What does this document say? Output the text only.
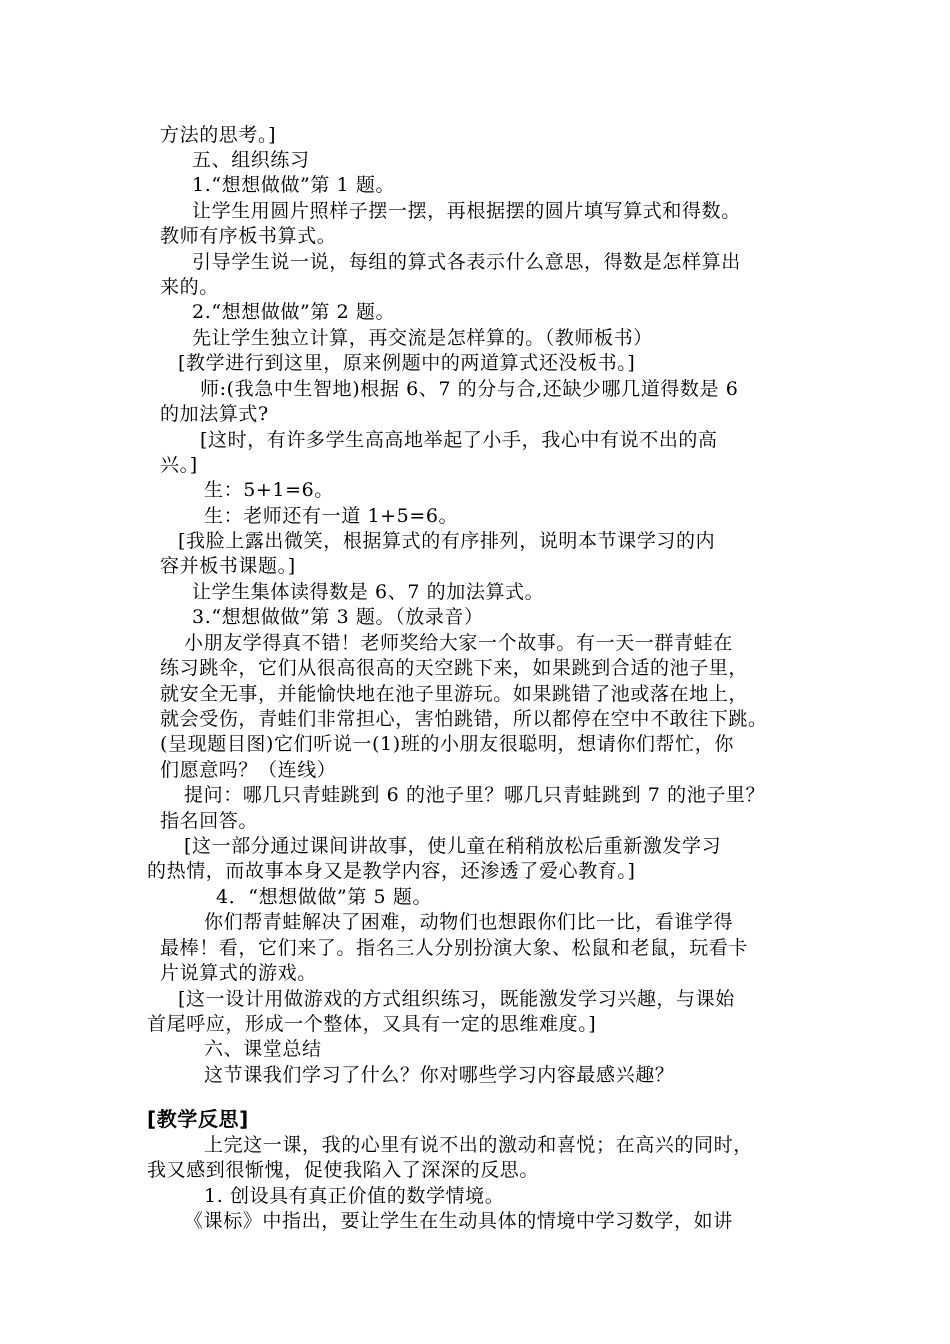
方法的思考。]
五、组织练习
1.“想想做做”第 1 题。
让学生用圆片照样子摆一摆，再根据摆的圆片填写算式和得数。
教师有序板书算式。
引导学生说一说，每组的算式各表示什么意思，得数是怎样算出
来的。
2.“想想做做”第 2 题。
先让学生独立计算，再交流是怎样算的。（教师板书）
[教学进行到这里，原来例题中的两道算式还没板书。]
师:(我急中生智地)根据 6、7 的分与合,还缺少哪几道得数是 6
的加法算式?
[这时，有许多学生高高地举起了小手，我心中有说不出的高
兴。]
生：5+1=6。
生：老师还有一道 1+5=6。
[我脸上露出微笑，根据算式的有序排列，说明本节课学习的内
容并板书课题。]
让学生集体读得数是 6、7 的加法算式。
3.“想想做做”第 3 题。（放录音）
小朋友学得真不错！老师奖给大家一个故事。有一天一群青蛙在
练习跳伞，它们从很高很高的天空跳下来，如果跳到合适的池子里，
就安全无事，并能愉快地在池子里游玩。如果跳错了池或落在地上，
就会受伤，青蛙们非常担心，害怕跳错，所以都停在空中不敢往下跳。
(呈现题目图)它们听说一(1)班的小朋友很聪明，想请你们帮忙，你
们愿意吗？（连线）
提问：哪几只青蛙跳到 6 的池子里？哪几只青蛙跳到 7 的池子里？
指名回答。
[这一部分通过课间讲故事，使儿童在稍稍放松后重新激发学习
的热情，而故事本身又是教学内容，还渗透了爱心教育。]
4．“想想做做”第 5 题。
你们帮青蛙解决了困难，动物们也想跟你们比一比，看谁学得
最棒！看，它们来了。指名三人分别扮演大象、松鼠和老鼠，玩看卡
片说算式的游戏。
[这一设计用做游戏的方式组织练习，既能激发学习兴趣，与课始
首尾呼应，形成一个整体，又具有一定的思维难度。]
六、课堂总结
这节课我们学习了什么？你对哪些学习内容最感兴趣？
[教学反思]
上完这一课，我的心里有说不出的激动和喜悦；在高兴的同时，
我又感到很惭愧，促使我陷入了深深的反思。
1. 创设具有真正价值的数学情境。
《课标》中指出，要让学生在生动具体的情境中学习数学，如讲
